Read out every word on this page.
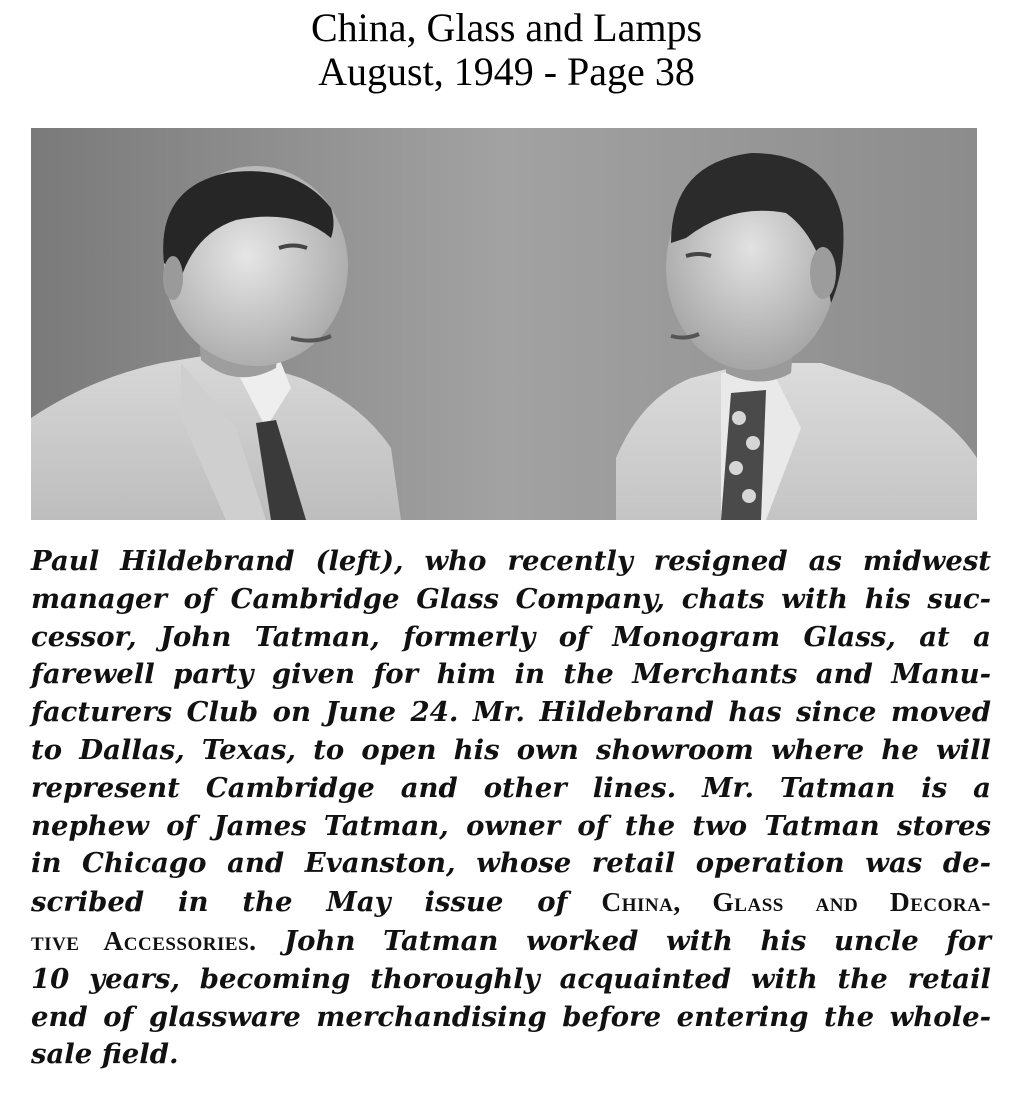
China, Glass and Lamps
August, 1949 - Page 38
Paul Hildebrand (left), who recently resigned as midwest
manager of Cambridge Glass Company, chats with his suc-
cessor, John Tatman, formerly of Monogram Glass, at a
farewell party given for him in the Merchants and Manu-
facturers Club on June 24. Mr. Hildebrand has since moved
to Dallas, Texas, to open his own showroom where he will
represent Cambridge and other lines. Mr. Tatman is a
nephew of James Tatman, owner of the two Tatman stores
in Chicago and Evanston, whose retail operation was de-
scribed in the May issue of China, Glass and Decora-
tive Accessories. John Tatman worked with his uncle for
10 years, becoming thoroughly acquainted with the retail
end of glassware merchandising before entering the whole-
sale field.
